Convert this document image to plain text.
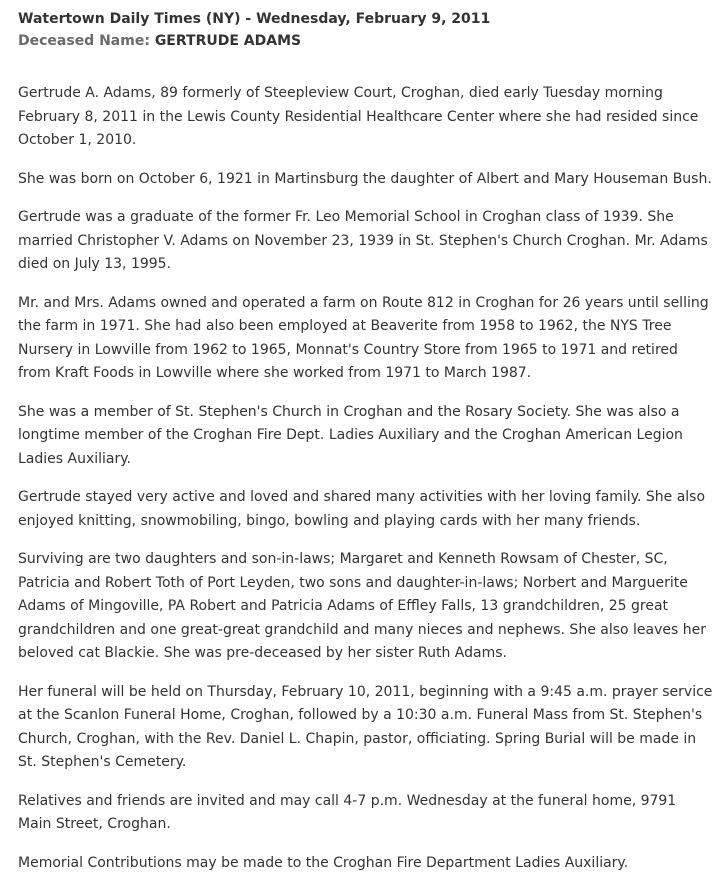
Watertown Daily Times (NY) - Wednesday, February 9, 2011
Deceased Name: GERTRUDE ADAMS

Gertrude A. Adams, 89 formerly of Steepleview Court, Croghan, died early Tuesday morning February 8, 2011 in the Lewis County Residential Healthcare Center where she had resided since October 1, 2010.

She was born on October 6, 1921 in Martinsburg the daughter of Albert and Mary Houseman Bush.

Gertrude was a graduate of the former Fr. Leo Memorial School in Croghan class of 1939. She married Christopher V. Adams on November 23, 1939 in St. Stephen's Church Croghan. Mr. Adams died on July 13, 1995.

Mr. and Mrs. Adams owned and operated a farm on Route 812 in Croghan for 26 years until selling the farm in 1971. She had also been employed at Beaverite from 1958 to 1962, the NYS Tree Nursery in Lowville from 1962 to 1965, Monnat's Country Store from 1965 to 1971 and retired from Kraft Foods in Lowville where she worked from 1971 to March 1987.

She was a member of St. Stephen's Church in Croghan and the Rosary Society. She was also a longtime member of the Croghan Fire Dept. Ladies Auxiliary and the Croghan American Legion Ladies Auxiliary.

Gertrude stayed very active and loved and shared many activities with her loving family. She also enjoyed knitting, snowmobiling, bingo, bowling and playing cards with her many friends.

Surviving are two daughters and son-in-laws; Margaret and Kenneth Rowsam of Chester, SC, Patricia and Robert Toth of Port Leyden, two sons and daughter-in-laws; Norbert and Marguerite Adams of Mingoville, PA Robert and Patricia Adams of Effley Falls, 13 grandchildren, 25 great grandchildren and one great-great grandchild and many nieces and nephews. She also leaves her beloved cat Blackie. She was pre-deceased by her sister Ruth Adams.

Her funeral will be held on Thursday, February 10, 2011, beginning with a 9:45 a.m. prayer service at the Scanlon Funeral Home, Croghan, followed by a 10:30 a.m. Funeral Mass from St. Stephen's Church, Croghan, with the Rev. Daniel L. Chapin, pastor, officiating. Spring Burial will be made in St. Stephen's Cemetery.

Relatives and friends are invited and may call 4-7 p.m. Wednesday at the funeral home, 9791 Main Street, Croghan.

Memorial Contributions may be made to the Croghan Fire Department Ladies Auxiliary.
